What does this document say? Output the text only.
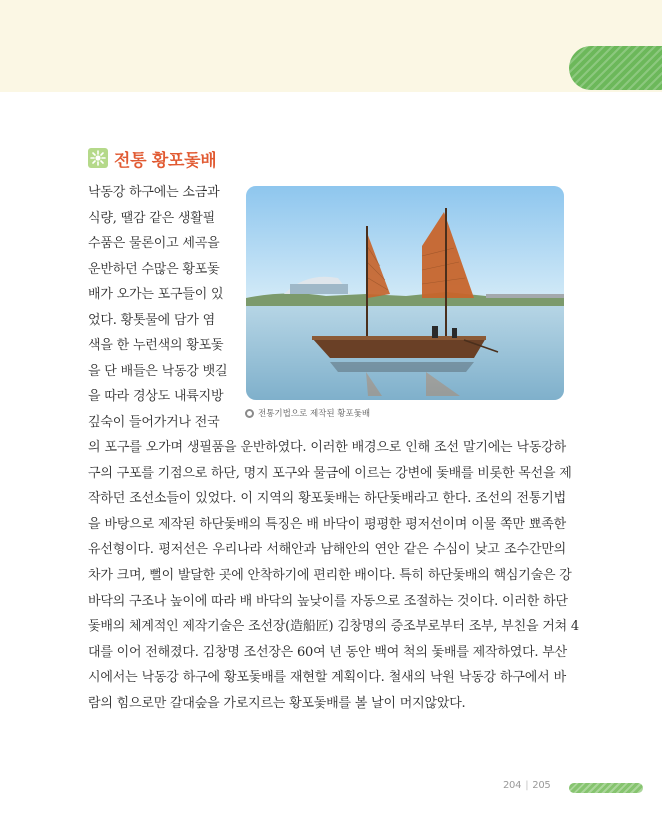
전통 황포돛배
낙동강 하구에는 소금과
식량, 땔감 같은 생활필
수품은 물론이고 세곡을
운반하던 수많은 황포돛
배가 오가는 포구들이 있
었다. 황톳물에 담가 염
색을 한 누런색의 황포돛
을 단 배들은 낙동강 뱃길
을 따라 경상도 내륙지방
깊숙이 들어가거나 전국
전통기법으로 제작된 황포돛배
의 포구를 오가며 생필품을 운반하였다. 이러한 배경으로 인해 조선 말기에는 낙동강하
구의 구포를 기점으로 하단, 명지 포구와 물금에 이르는 강변에 돛배를 비롯한 목선을 제
작하던 조선소들이 있었다. 이 지역의 황포돛배는 하단돛배라고 한다. 조선의 전통기법
을 바탕으로 제작된 하단돛배의 특징은 배 바닥이 평평한 평저선이며 이물 쪽만 뾰족한
유선형이다. 평저선은 우리나라 서해안과 남해안의 연안 같은 수심이 낮고 조수간만의
차가 크며, 뻘이 발달한 곳에 안착하기에 편리한 배이다. 특히 하단돛배의 핵심기술은 강
바닥의 구조나 높이에 따라 배 바닥의 높낮이를 자동으로 조절하는 것이다. 이러한 하단
돛배의 체계적인 제작기술은 조선장(造船匠) 김창명의 증조부로부터 조부, 부친을 거쳐 4
대를 이어 전해졌다. 김창명 조선장은 60여 년 동안 백여 척의 돛배를 제작하였다. 부산
시에서는 낙동강 하구에 황포돛배를 재현할 계획이다. 철새의 낙원 낙동강 하구에서 바
람의 힘으로만 갈대숲을 가로지르는 황포돛배를 볼 날이 머지않았다.
204 | 205
